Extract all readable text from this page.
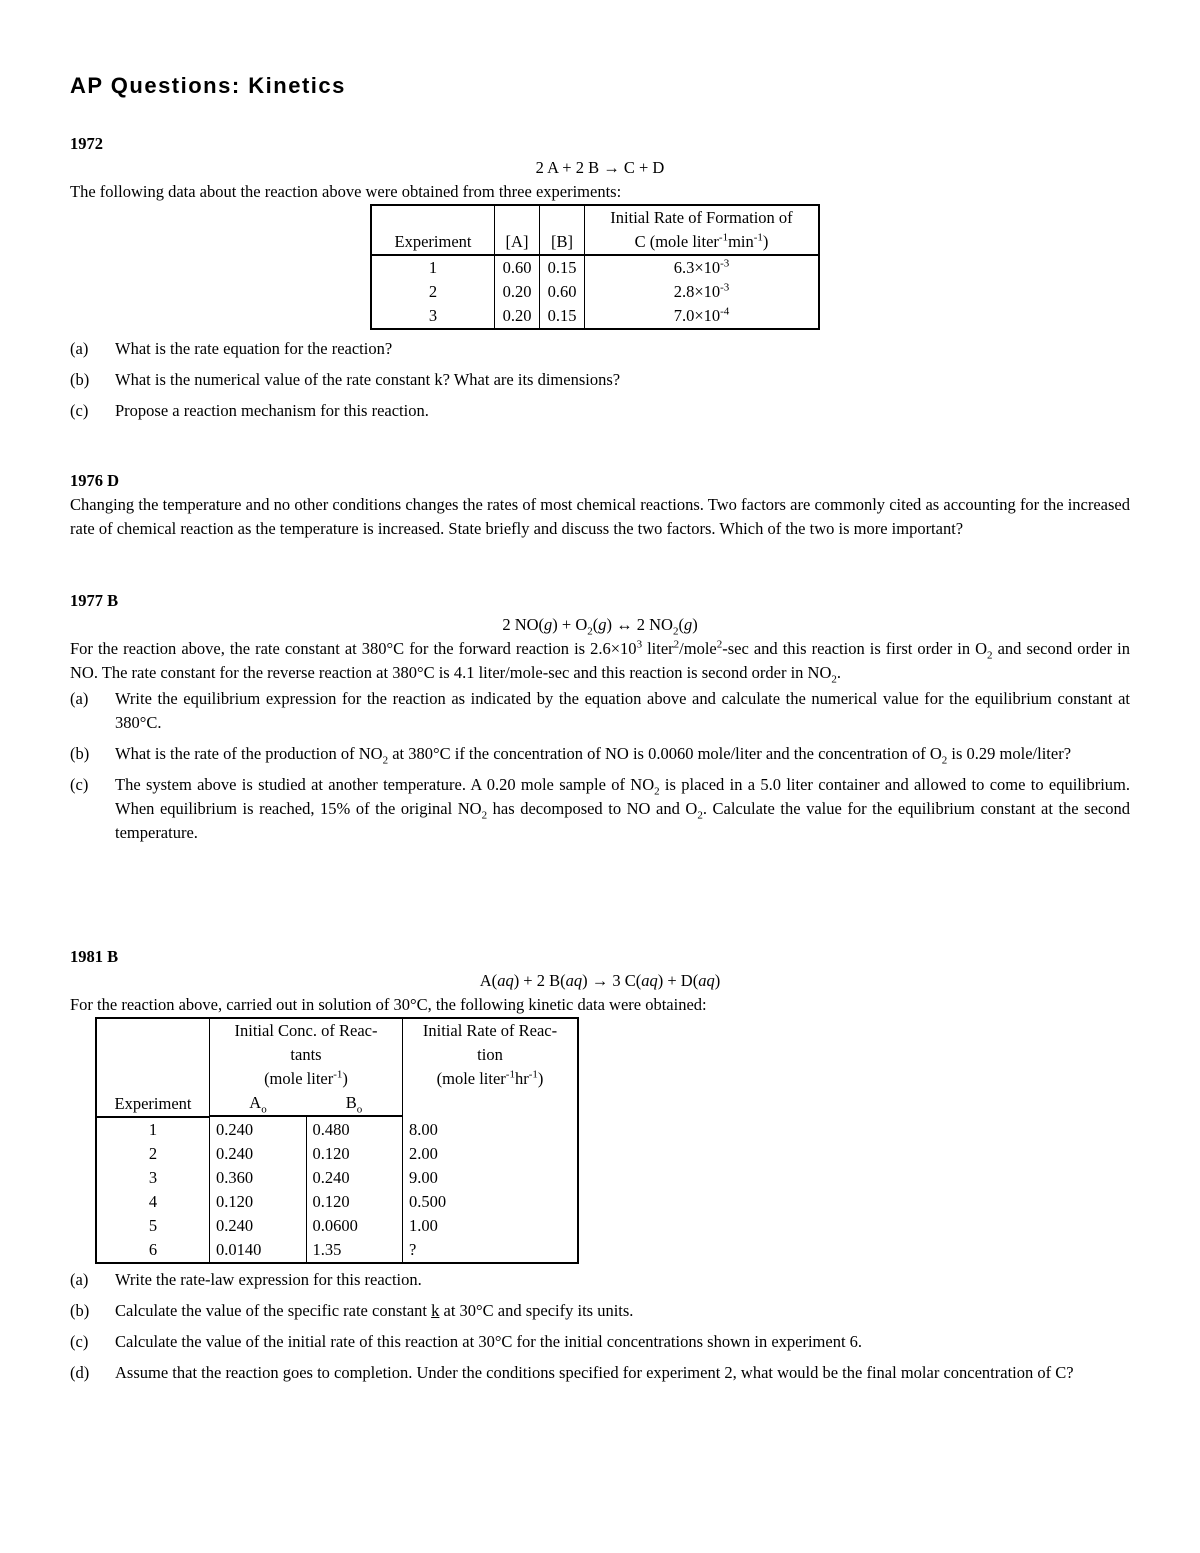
AP Questions: Kinetics

1972

2 A + 2 B → C + D

The following data about the reaction above were obtained from three experiments:

Experiment	[A]	[B]	Initial Rate of Formation of
C (mole $liter^{-1}\min^{-1}$)
1	0.60	0.15	$6.3\times 10^{-3}$
2	0.20	0.60	$2.8\times 10^{-3}$
3	0.20	0.15	$7.0\times 10^{-4}$
(a) What is the rate equation for the reaction?
(b) What is the numerical value of the rate constant k? What are its dimensions?
(c) Propose a reaction mechanism for this reaction.

1976 D

Changing the temperature and no other conditions changes the rates of most chemical reactions. Two factors are commonly cited as accounting for the increased rate of chemical reaction as the temperature is increased. State briefly and discuss the two factors. Which of the two is more important?

1977 B

2 $NO(g) + O_2(g)$ ↔ 2 $NO_2(g)$

For the reaction above, the rate constant at 380°C for the forward reaction is $2.6\times 10^3$ liter$^2$/mole$^2$-sec and this reaction is first order in $O_2$ and second order in NO. The rate constant for the reverse reaction at 380°C is 4.1 liter/mole-sec and this reaction is second order in $NO_2$.

(a) Write the equilibrium expression for the reaction as indicated by the equation above and calculate the numerical value for the equilibrium constant at 380°C.
(b) What is the rate of the production of $NO_2$ at 380°C if the concentration of NO is 0.0060 mole/liter and the concentration of $O_2$ is 0.29 mole/liter?
(c) The system above is studied at another temperature. A 0.20 mole sample of $NO_2$ is placed in a 5.0 liter container and allowed to come to equilibrium. When equilibrium is reached, 15% of the original $NO_2$ has decomposed to NO and $O_2$. Calculate the value for the equilibrium constant at the second temperature.

1981 B

A(aq) + 2 B(aq) → 3 C(aq) + D(aq)

For the reaction above, carried out in solution of 30°C, the following kinetic data were obtained:

Experiment	Initial Conc. of Reac-
tants
(mole liter$^{-1}$)		Initial Rate of Reac-
tion
(mole $liter^{-1}hr^{-1}$)
	$A_o$	$B_o$

1	0.240	0.480	8.00
2	0.240	0.120	2.00
3	0.360	0.240	9.00
4	0.120	0.120	0.500
5	0.240	0.0600	1.00
6	0.0140	1.35	?
(a) Write the rate-law expression for this reaction.
(b) Calculate the value of the specific rate constant k at 30°C and specify its units.
(c) Calculate the value of the initial rate of this reaction at 30°C for the initial concentrations shown in experiment 6.
(d) Assume that the reaction goes to completion. Under the conditions specified for experiment 2, what would be the final molar concentration of C?
